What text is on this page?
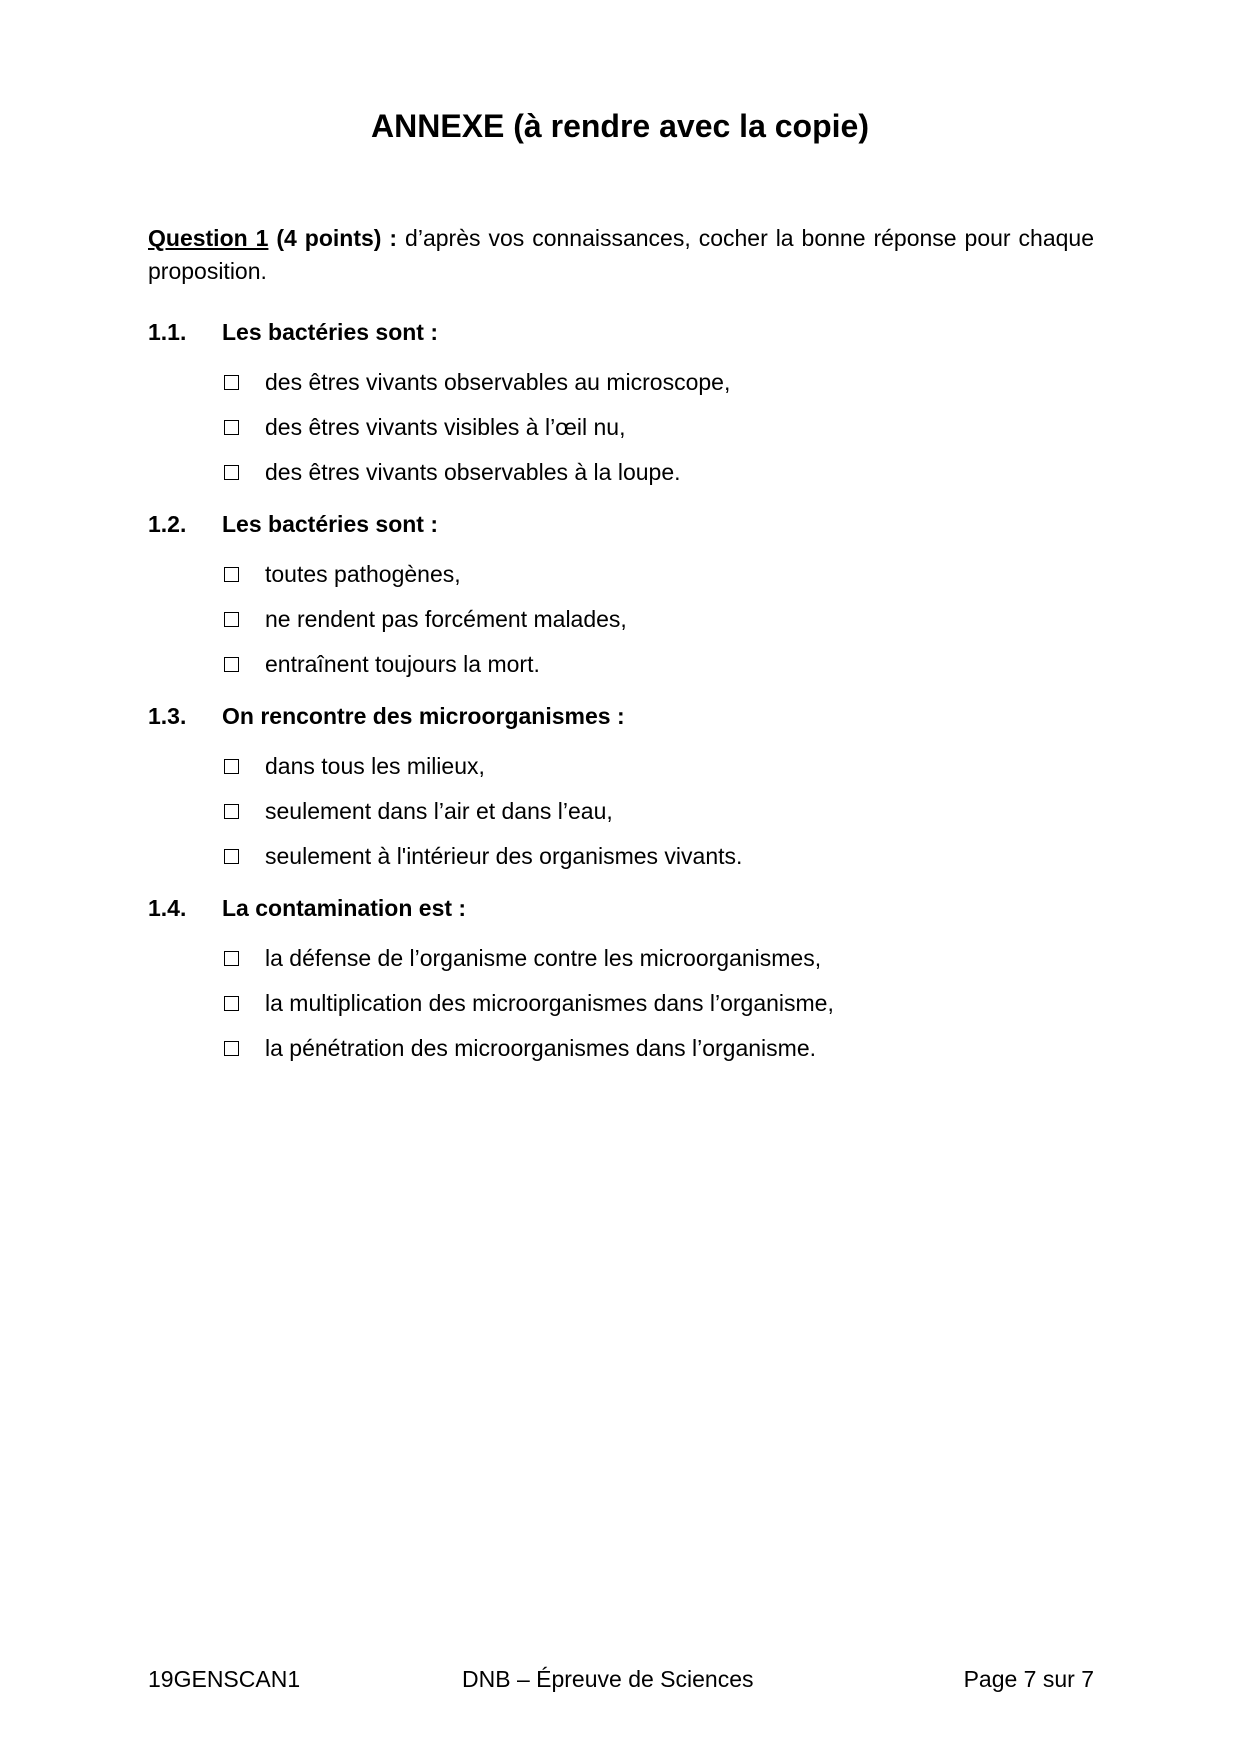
ANNEXE (à rendre avec la copie)

Question 1 (4 points) : d’après vos connaissances, cocher la bonne réponse pour chaque proposition.

1.1. Les bactéries sont :
des êtres vivants observables au microscope,
des êtres vivants visibles à l’œil nu,
des êtres vivants observables à la loupe.
1.2. Les bactéries sont :
toutes pathogènes,
ne rendent pas forcément malades,
entraînent toujours la mort.
1.3. On rencontre des microorganismes :
dans tous les milieux,
seulement dans l’air et dans l’eau,
seulement à l'intérieur des organismes vivants.
1.4. La contamination est :
la défense de l’organisme contre les microorganismes,
la multiplication des microorganismes dans l’organisme,
la pénétration des microorganismes dans l’organisme.
19GENSCAN1	DNB – Épreuve de Sciences	Page 7 sur 7
